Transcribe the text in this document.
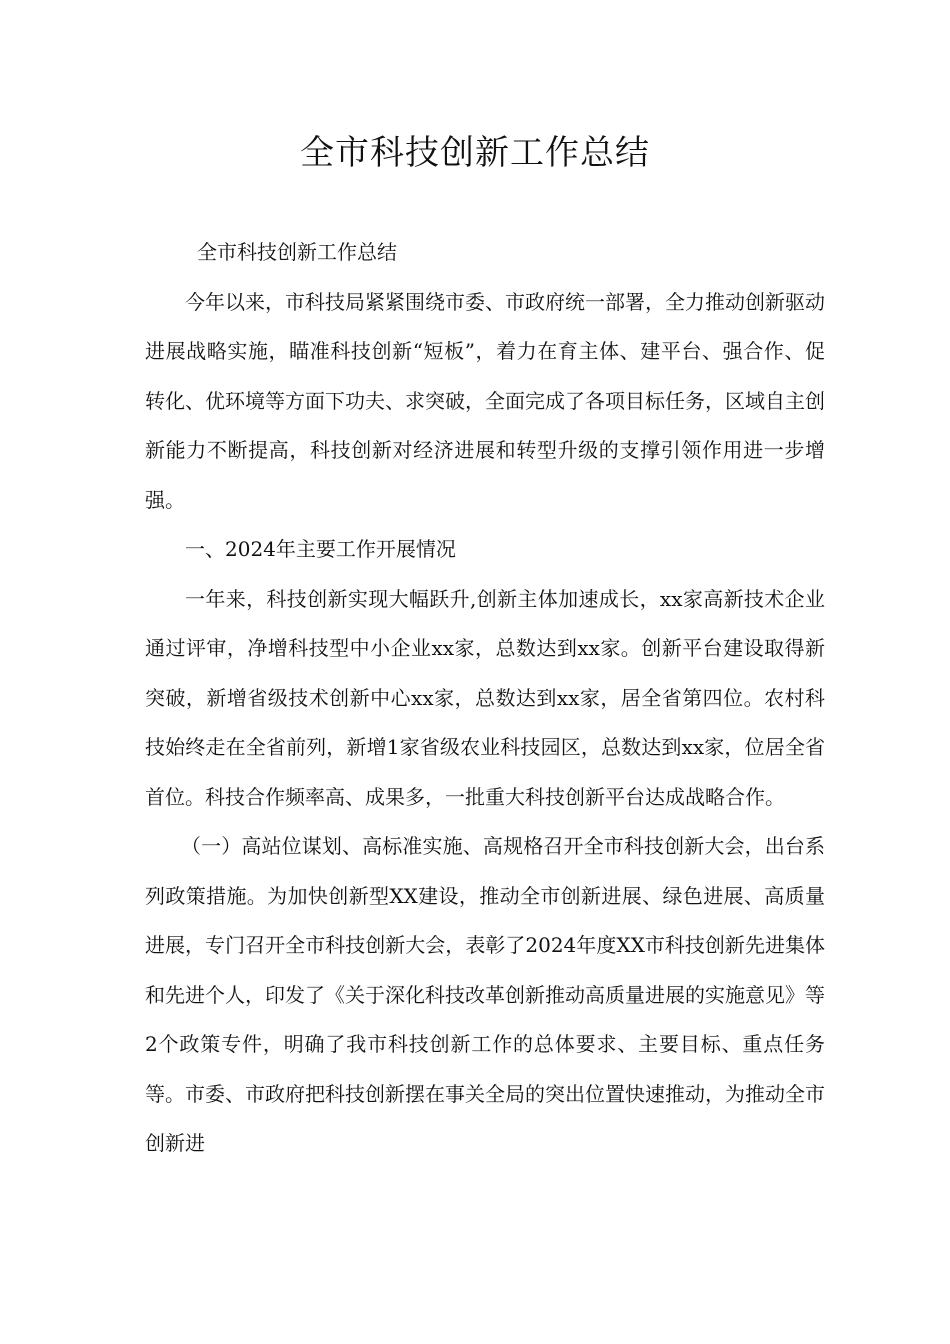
全市科技创新工作总结

全市科技创新工作总结

今年以来，市科技局紧紧围绕市委、市政府统一部署，全力推动创新驱动进展战略实施，瞄准科技创新“短板”，着力在育主体、建平台、强合作、促转化、优环境等方面下功夫、求突破，全面完成了各项目标任务，区域自主创新能力不断提高，科技创新对经济进展和转型升级的支撑引领作用进一步增强。

一、2024年主要工作开展情况

一年来，科技创新实现大幅跃升,创新主体加速成长，xx家高新技术企业通过评审，净增科技型中小企业xx家，总数达到xx家。创新平台建设取得新突破，新增省级技术创新中心xx家，总数达到xx家，居全省第四位。农村科技始终走在全省前列，新增1家省级农业科技园区，总数达到xx家，位居全省首位。科技合作频率高、成果多，一批重大科技创新平台达成战略合作。

（一）高站位谋划、高标准实施、高规格召开全市科技创新大会，出台系列政策措施。为加快创新型XX建设，推动全市创新进展、绿色进展、高质量进展，专门召开全市科技创新大会，表彰了2024年度XX市科技创新先进集体和先进个人，印发了《关于深化科技改革创新推动高质量进展的实施意见》等2个政策专件，明确了我市科技创新工作的总体要求、主要目标、重点任务等。市委、市政府把科技创新摆在事关全局的突出位置快速推动，为推动全市创新进
